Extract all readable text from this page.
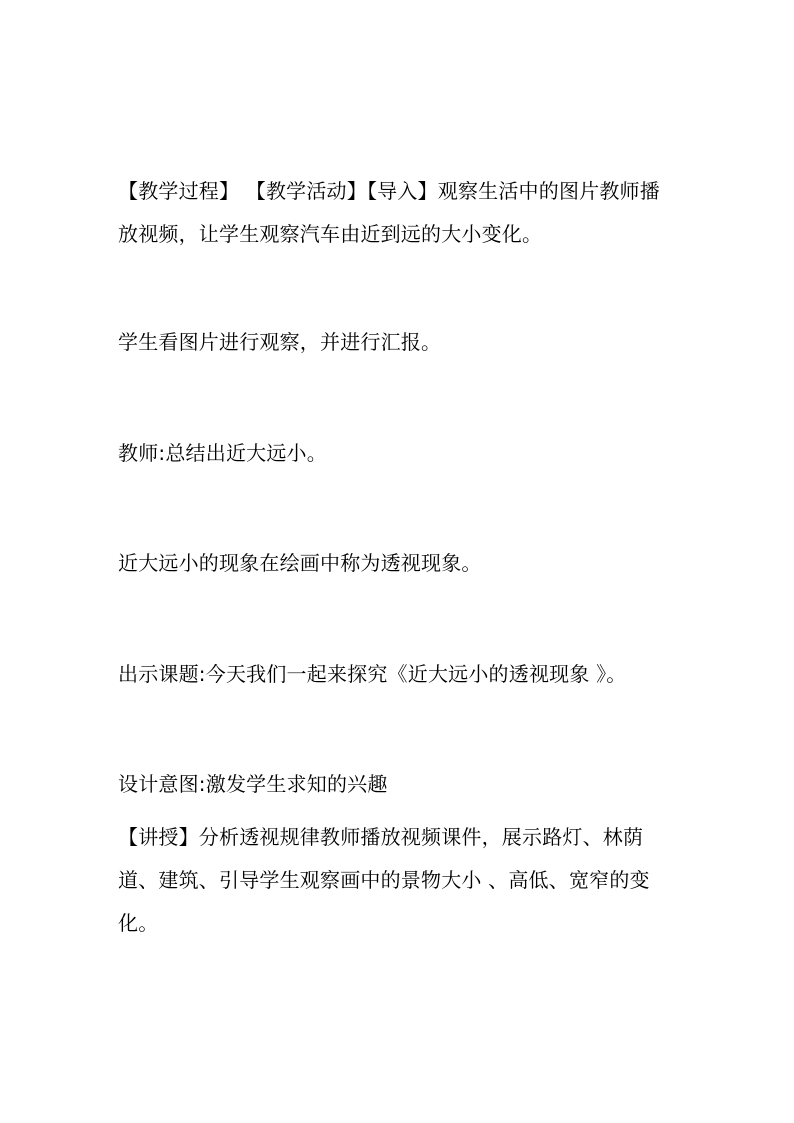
【教学过程】 【教学活动】【导入】观察生活中的图片教师播放视频，让学生观察汽车由近到远的大小变化。

学生看图片进行观察，并进行汇报。

教师:总结出近大远小。

近大远小的现象在绘画中称为透视现象。

出示课题:今天我们一起来探究《近大远小的透视现象 》。

设计意图:激发学生求知的兴趣

【讲授】分析透视规律教师播放视频课件，展示路灯、林荫道、建筑、引导学生观察画中的景物大小 、高低、宽窄的变化。
